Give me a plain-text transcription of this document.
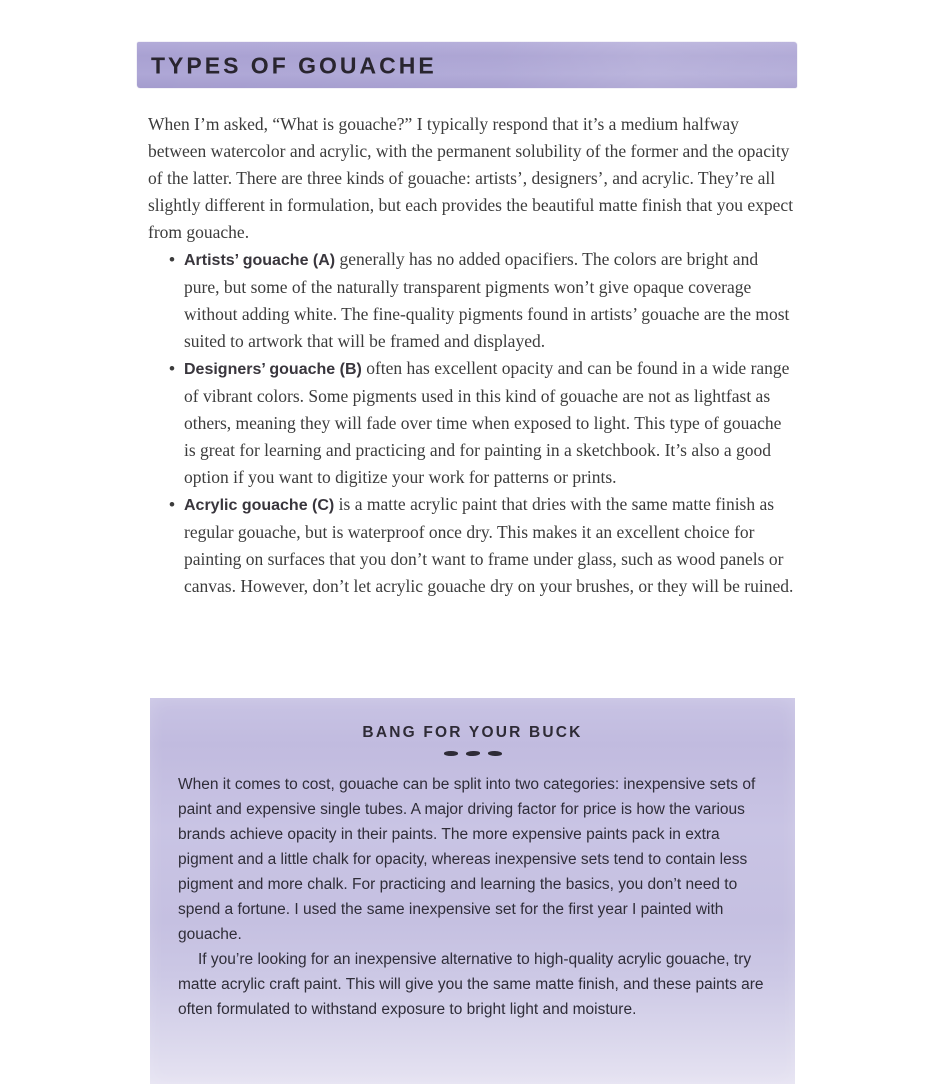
TYPES OF GOUACHE

When I’m asked, “What is gouache?” I typically respond that it’s a medium halfway between watercolor and acrylic, with the permanent solubility of the former and the opacity of the latter. There are three kinds of gouache: artists’, designers’, and acrylic. They’re all slightly different in formulation, but each provides the beautiful matte finish that you expect from gouache.

• Artists’ gouache (A) generally has no added opacifiers. The colors are bright and pure, but some of the naturally transparent pigments won’t give opaque coverage without adding white. The fine-quality pigments found in artists’ gouache are the most suited to artwork that will be framed and displayed.
• Designers’ gouache (B) often has excellent opacity and can be found in a wide range of vibrant colors. Some pigments used in this kind of gouache are not as lightfast as others, meaning they will fade over time when exposed to light. This type of gouache is great for learning and practicing and for painting in a sketchbook. It’s also a good option if you want to digitize your work for patterns or prints.
• Acrylic gouache (C) is a matte acrylic paint that dries with the same matte finish as regular gouache, but is waterproof once dry. This makes it an excellent choice for painting on surfaces that you don’t want to frame under glass, such as wood panels or canvas. However, don’t let acrylic gouache dry on your brushes, or they will be ruined.
BANG FOR YOUR BUCK

When it comes to cost, gouache can be split into two categories: inexpensive sets of paint and expensive single tubes. A major driving factor for price is how the various brands achieve opacity in their paints. The more expensive paints pack in extra pigment and a little chalk for opacity, whereas inexpensive sets tend to contain less pigment and more chalk. For practicing and learning the basics, you don’t need to spend a fortune. I used the same inexpensive set for the first year I painted with gouache.

If you’re looking for an inexpensive alternative to high-quality acrylic gouache, try matte acrylic craft paint. This will give you the same matte finish, and these paints are often formulated to withstand exposure to bright light and moisture.
